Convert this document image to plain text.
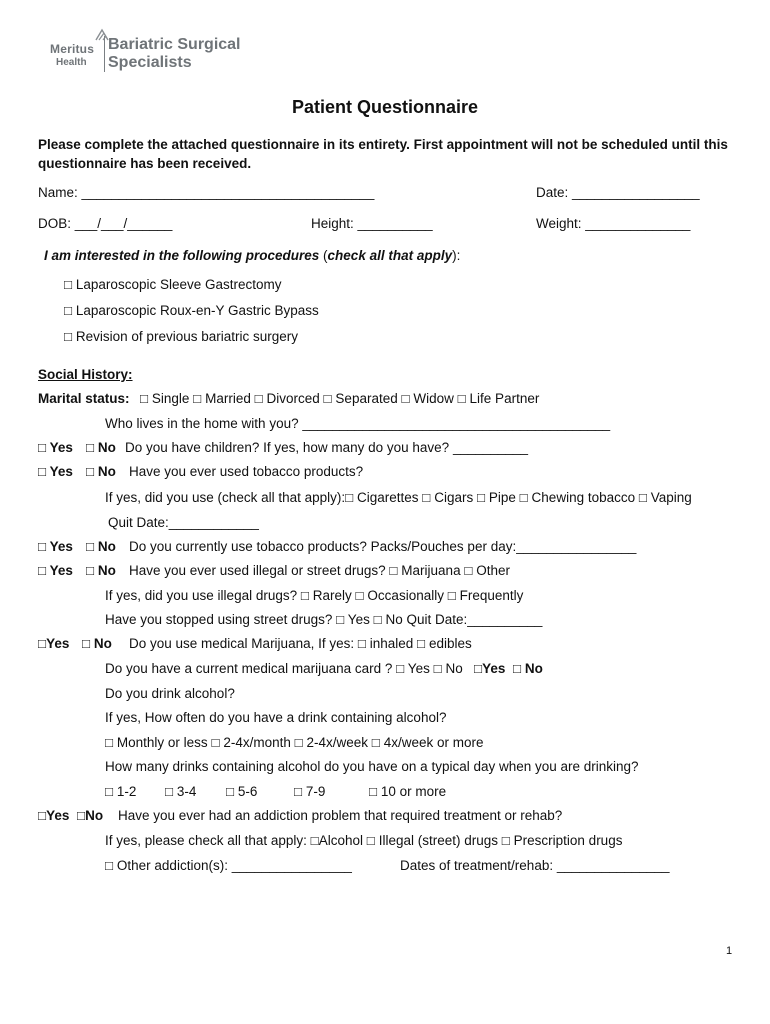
Meritus
Health
Bariatric Surgical
Specialists
Patient Questionnaire

Please complete the attached questionnaire in its entirety. First appointment will not be scheduled until this questionnaire has been received.

Name: _______________________________________	Date: _________________
DOB: ___/___/______	Height: __________	Weight: ______________
I am interested in the following procedures (check all that apply):
□ Laparoscopic Sleeve Gastrectomy
□ Laparoscopic Roux-en-Y Gastric Bypass
□ Revision of previous bariatric surgery
Social History:
Marital status: □ Single □ Married □ Divorced □ Separated □ Widow □ Life Partner
Who lives in the home with you? _________________________________________
□ Yes □ No Do you have children? If yes, how many do you have? __________
□ Yes □ No Have you ever used tobacco products?
If yes, did you use (check all that apply):□ Cigarettes □ Cigars □ Pipe □ Chewing tobacco □ Vaping
Quit Date:____________
□ Yes □ No Do you currently use tobacco products? Packs/Pouches per day:________________
□ Yes □ No Have you ever used illegal or street drugs? □ Marijuana □ Other
If yes, did you use illegal drugs? □ Rarely □ Occasionally □ Frequently
Have you stopped using street drugs? □ Yes □ No Quit Date:__________
□Yes □ No Do you use medical Marijuana, If yes: □ inhaled □ edibles
Do you have a current medical marijuana card ? □ Yes □ No □Yes □ No
Do you drink alcohol?
If yes, How often do you have a drink containing alcohol?
□ Monthly or less □ 2-4x/month □ 2-4x/week □ 4x/week or more
How many drinks containing alcohol do you have on a typical day when you are drinking?
□ 1-2 □ 3-4 □ 5-6	□ 7-9	□ 10 or more
□Yes □No Have you ever had an addiction problem that required treatment or rehab?
If yes, please check all that apply: □Alcohol □ Illegal (street) drugs □ Prescription drugs
□ Other addiction(s): ________________	Dates of treatment/rehab: _______________
1
